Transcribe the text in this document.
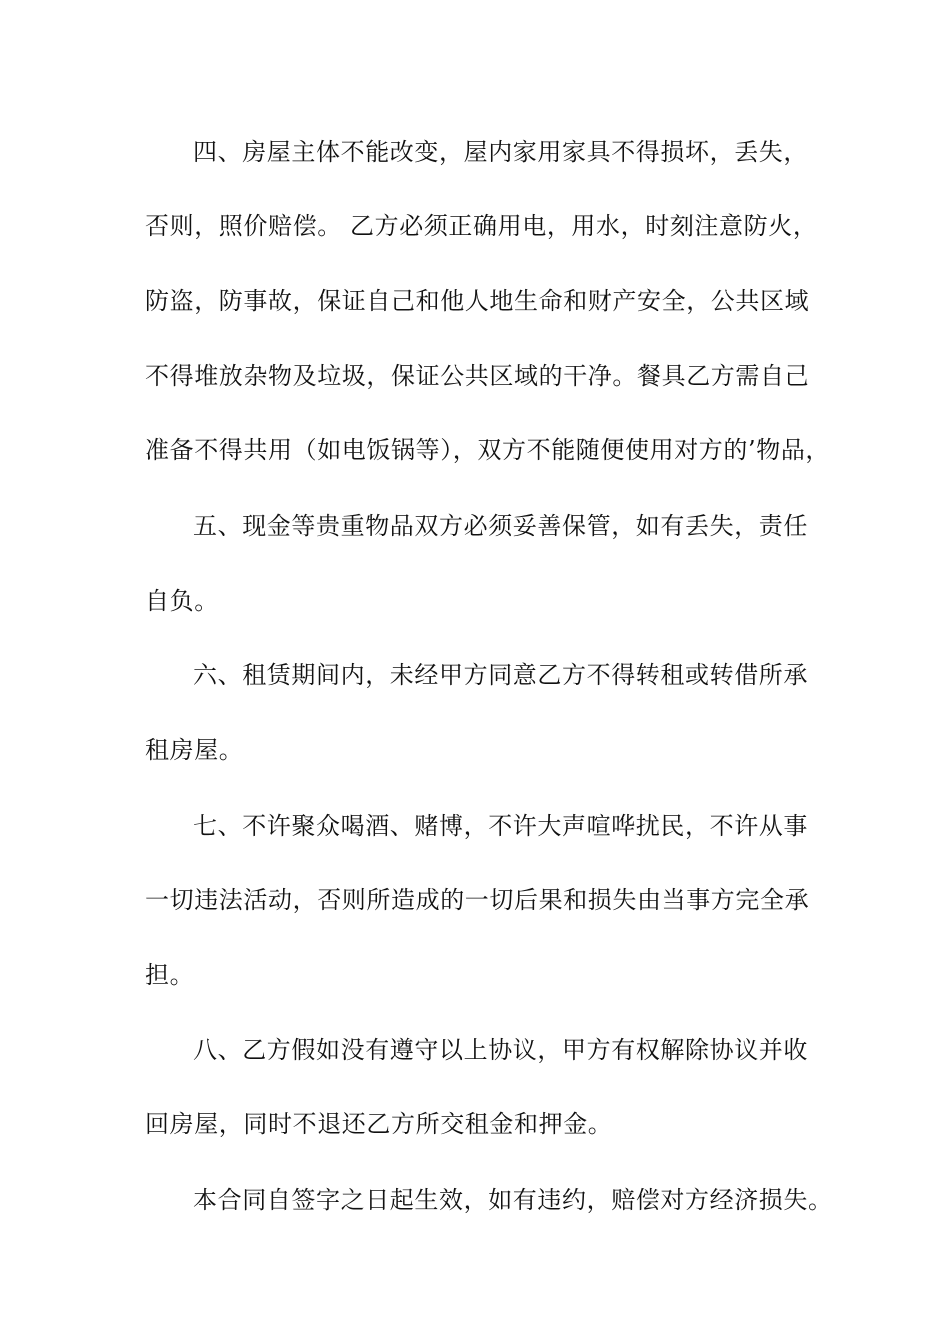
四、房屋主体不能改变，屋内家用家具不得损坏，丢失，
否则，照价赔偿。 乙方必须正确用电，用水，时刻注意防火，
防盗，防事故，保证自己和他人地生命和财产安全，公共区域
不得堆放杂物及垃圾，保证公共区域的干净。餐具乙方需自己
准备不得共用（如电饭锅等），双方不能随便使用对方的’物品，
五、现金等贵重物品双方必须妥善保管，如有丢失，责任
自负。
六、租赁期间内，未经甲方同意乙方不得转租或转借所承
租房屋。
七、不许聚众喝酒、赌博，不许大声喧哗扰民，不许从事
一切违法活动，否则所造成的一切后果和损失由当事方完全承
担。
八、乙方假如没有遵守以上协议，甲方有权解除协议并收
回房屋，同时不退还乙方所交租金和押金。
本合同自签字之日起生效，如有违约，赔偿对方经济损失。
